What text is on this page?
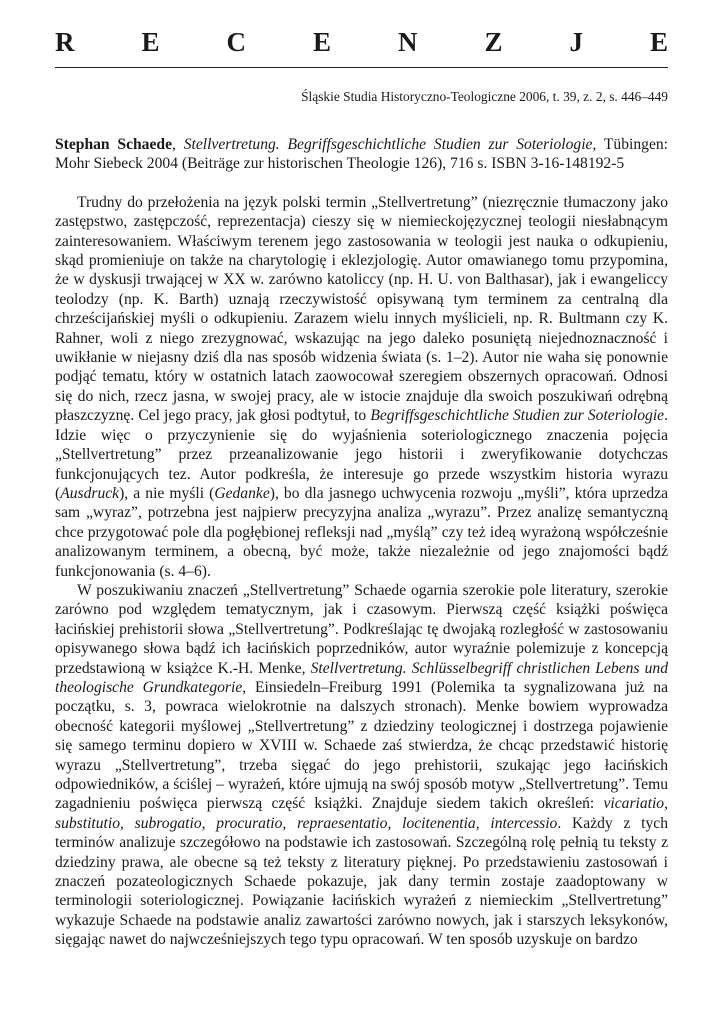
R E C E N Z J E
Śląskie Studia Historyczno-Teologiczne 2006, t. 39, z. 2, s. 446–449

Stephan Schaede, Stellvertretung. Begriffsgeschichtliche Studien zur Soteriologie, Tübingen: Mohr Siebeck 2004 (Beiträge zur historischen Theologie 126), 716 s. ISBN 3-16-148192-5

Trudny do przełożenia na język polski termin „Stellvertretung” (niezręcznie tłumaczony jako zastępstwo, zastępczość, reprezentacja) cieszy się w niemieckojęzycznej teologii niesłabnącym zainteresowaniem. Właściwym terenem jego zastosowania w teologii jest nauka o odkupieniu, skąd promieniuje on także na charytologię i eklezjologię. Autor omawianego tomu przypomina, że w dyskusji trwającej w XX w. zarówno katoliccy (np. H. U. von Balthasar), jak i ewangeliccy teolodzy (np. K. Barth) uznają rzeczywistość opisywaną tym terminem za centralną dla chrześcijańskiej myśli o odkupieniu. Zarazem wielu innych myślicieli, np. R. Bultmann czy K. Rahner, woli z niego zrezygnować, wskazując na jego daleko posuniętą niejednoznaczność i uwikłanie w niejasny dziś dla nas sposób widzenia świata (s. 1–2). Autor nie waha się ponownie podjąć tematu, który w ostatnich latach zaowocował szeregiem obszernych opracowań. Odnosi się do nich, rzecz jasna, w swojej pracy, ale w istocie znajduje dla swoich poszukiwań odrębną płaszczyznę. Cel jego pracy, jak głosi podtytuł, to Begriffsgeschichtliche Studien zur Soteriologie. Idzie więc o przyczynienie się do wyjaśnienia soteriologicznego znaczenia pojęcia „Stellvertretung” przez przeanalizowanie jego historii i zweryfikowanie dotychczas funkcjonujących tez. Autor podkreśla, że interesuje go przede wszystkim historia wyrazu (Ausdruck), a nie myśli (Gedanke), bo dla jasnego uchwycenia rozwoju „myśli”, która uprzedza sam „wyraz”, potrzebna jest najpierw precyzyjna analiza „wyrazu”. Przez analizę semantyczną chce przygotować pole dla pogłębionej refleksji nad „myślą” czy też ideą wyrażoną współcześnie analizowanym terminem, a obecną, być może, także niezależnie od jego znajomości bądź funkcjonowania (s. 4–6).

W poszukiwaniu znaczeń „Stellvertretung” Schaede ogarnia szerokie pole literatury, szerokie zarówno pod względem tematycznym, jak i czasowym. Pierwszą część książki poświęca łacińskiej prehistorii słowa „Stellvertretung”. Podkreślając tę dwojaką rozległość w zastosowaniu opisywanego słowa bądź ich łacińskich poprzedników, autor wyraźnie polemizuje z koncepcją przedstawioną w książce K.-H. Menke, Stellvertretung. Schlüsselbegriff christlichen Lebens und theologische Grundkategorie, Einsiedeln–Freiburg 1991 (Polemika ta sygnalizowana już na początku, s. 3, powraca wielokrotnie na dalszych stronach). Menke bowiem wyprowadza obecność kategorii myślowej „Stellvertretung” z dziedziny teologicznej i dostrzega pojawienie się samego terminu dopiero w XVIII w. Schaede zaś stwierdza, że chcąc przedstawić historię wyrazu „Stellvertretung”, trzeba sięgać do jego prehistorii, szukając jego łacińskich odpowiedników, a ściślej – wyrażeń, które ujmują na swój sposób motyw „Stellvertretung”. Temu zagadnieniu poświęca pierwszą część książki. Znajduje siedem takich określeń: vicariatio, substitutio, subrogatio, procuratio, repraesentatio, locitenentia, intercessio. Każdy z tych terminów analizuje szczegółowo na podstawie ich zastosowań. Szczególną rolę pełnią tu teksty z dziedziny prawa, ale obecne są też teksty z literatury pięknej. Po przedstawieniu zastosowań i znaczeń pozateologicznych Schaede pokazuje, jak dany termin zostaje zaadoptowany w terminologii soteriologicznej. Powiązanie łacińskich wyrażeń z niemieckim „Stellvertretung” wykazuje Schaede na podstawie analiz zawartości zarówno nowych, jak i starszych leksykonów, sięgając nawet do najwcześniejszych tego typu opracowań. W ten sposób uzyskuje on bardzo
